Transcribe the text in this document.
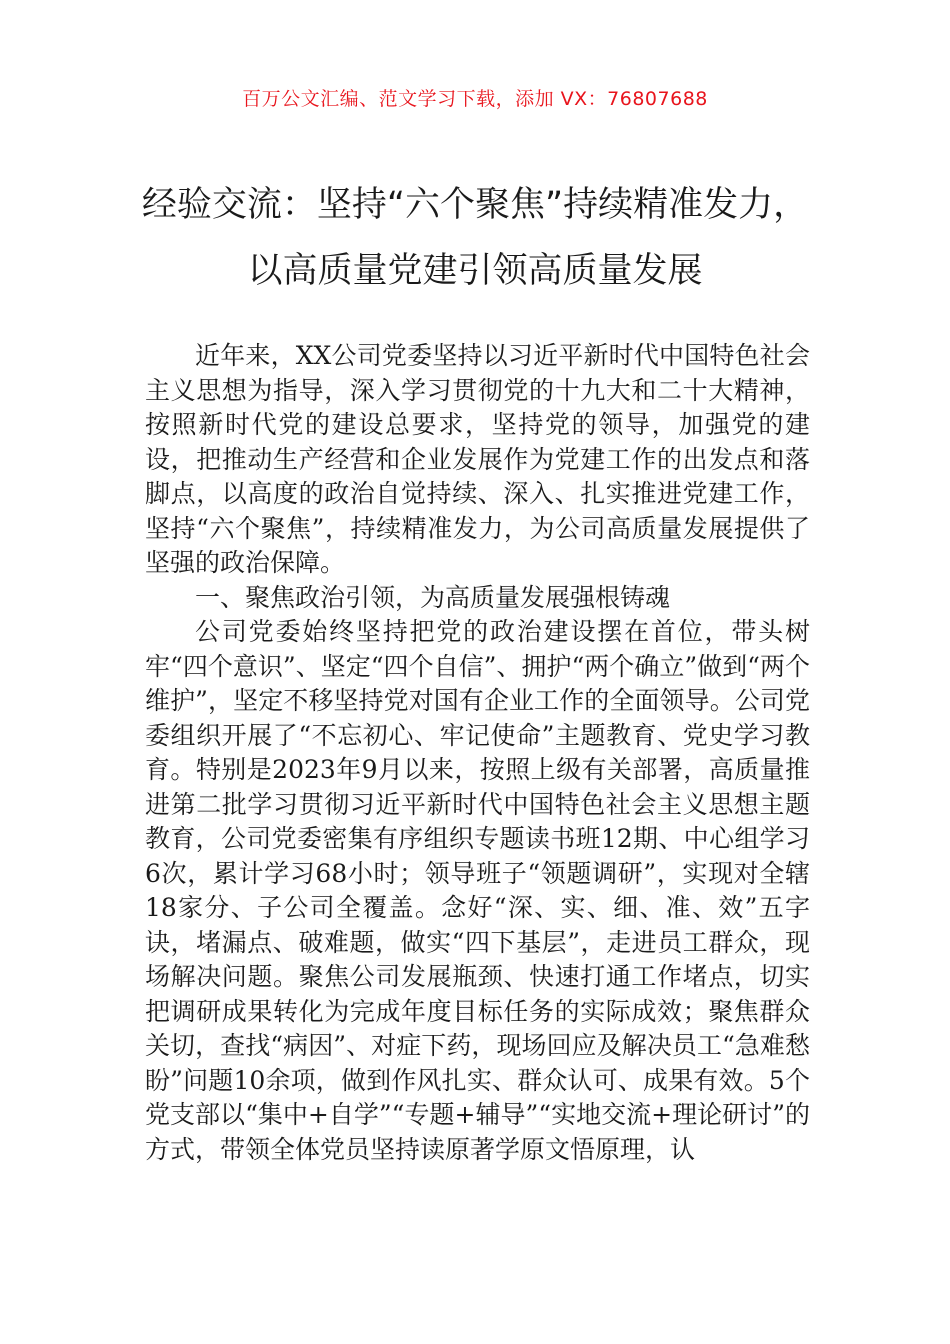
百万公文汇编、范文学习下载，添加 VX：76807688
经验交流：坚持“六个聚焦”持续精准发力，以高质量党建引领高质量发展

近年来，XX公司党委坚持以习近平新时代中国特色社会主义思想为指导，深入学习贯彻党的十九大和二十大精神，按照新时代党的建设总要求，坚持党的领导，加强党的建设，把推动生产经营和企业发展作为党建工作的出发点和落脚点，以高度的政治自觉持续、深入、扎实推进党建工作，坚持“六个聚焦”，持续精准发力，为公司高质量发展提供了坚强的政治保障。

一、聚焦政治引领，为高质量发展强根铸魂

公司党委始终坚持把党的政治建设摆在首位，带头树牢“四个意识”、坚定“四个自信”、拥护“两个确立”做到“两个维护”，坚定不移坚持党对国有企业工作的全面领导。公司党委组织开展了“不忘初心、牢记使命”主题教育、党史学习教育。特别是2023年9月以来，按照上级有关部署，高质量推进第二批学习贯彻习近平新时代中国特色社会主义思想主题教育，公司党委密集有序组织专题读书班12期、中心组学习6次，累计学习68小时；领导班子“领题调研”，实现对全辖18家分、子公司全覆盖。念好“深、实、细、准、效”五字诀，堵漏点、破难题，做实“四下基层”，走进员工群众，现场解决问题。聚焦公司发展瓶颈、快速打通工作堵点，切实把调研成果转化为完成年度目标任务的实际成效；聚焦群众关切，查找“病因”、对症下药，现场回应及解决员工“急难愁盼”问题10余项，做到作风扎实、群众认可、成果有效。5个党支部以“集中+自学”“专题+辅导”“实地交流+理论研讨”的方式，带领全体党员坚持读原著学原文悟原理，认
